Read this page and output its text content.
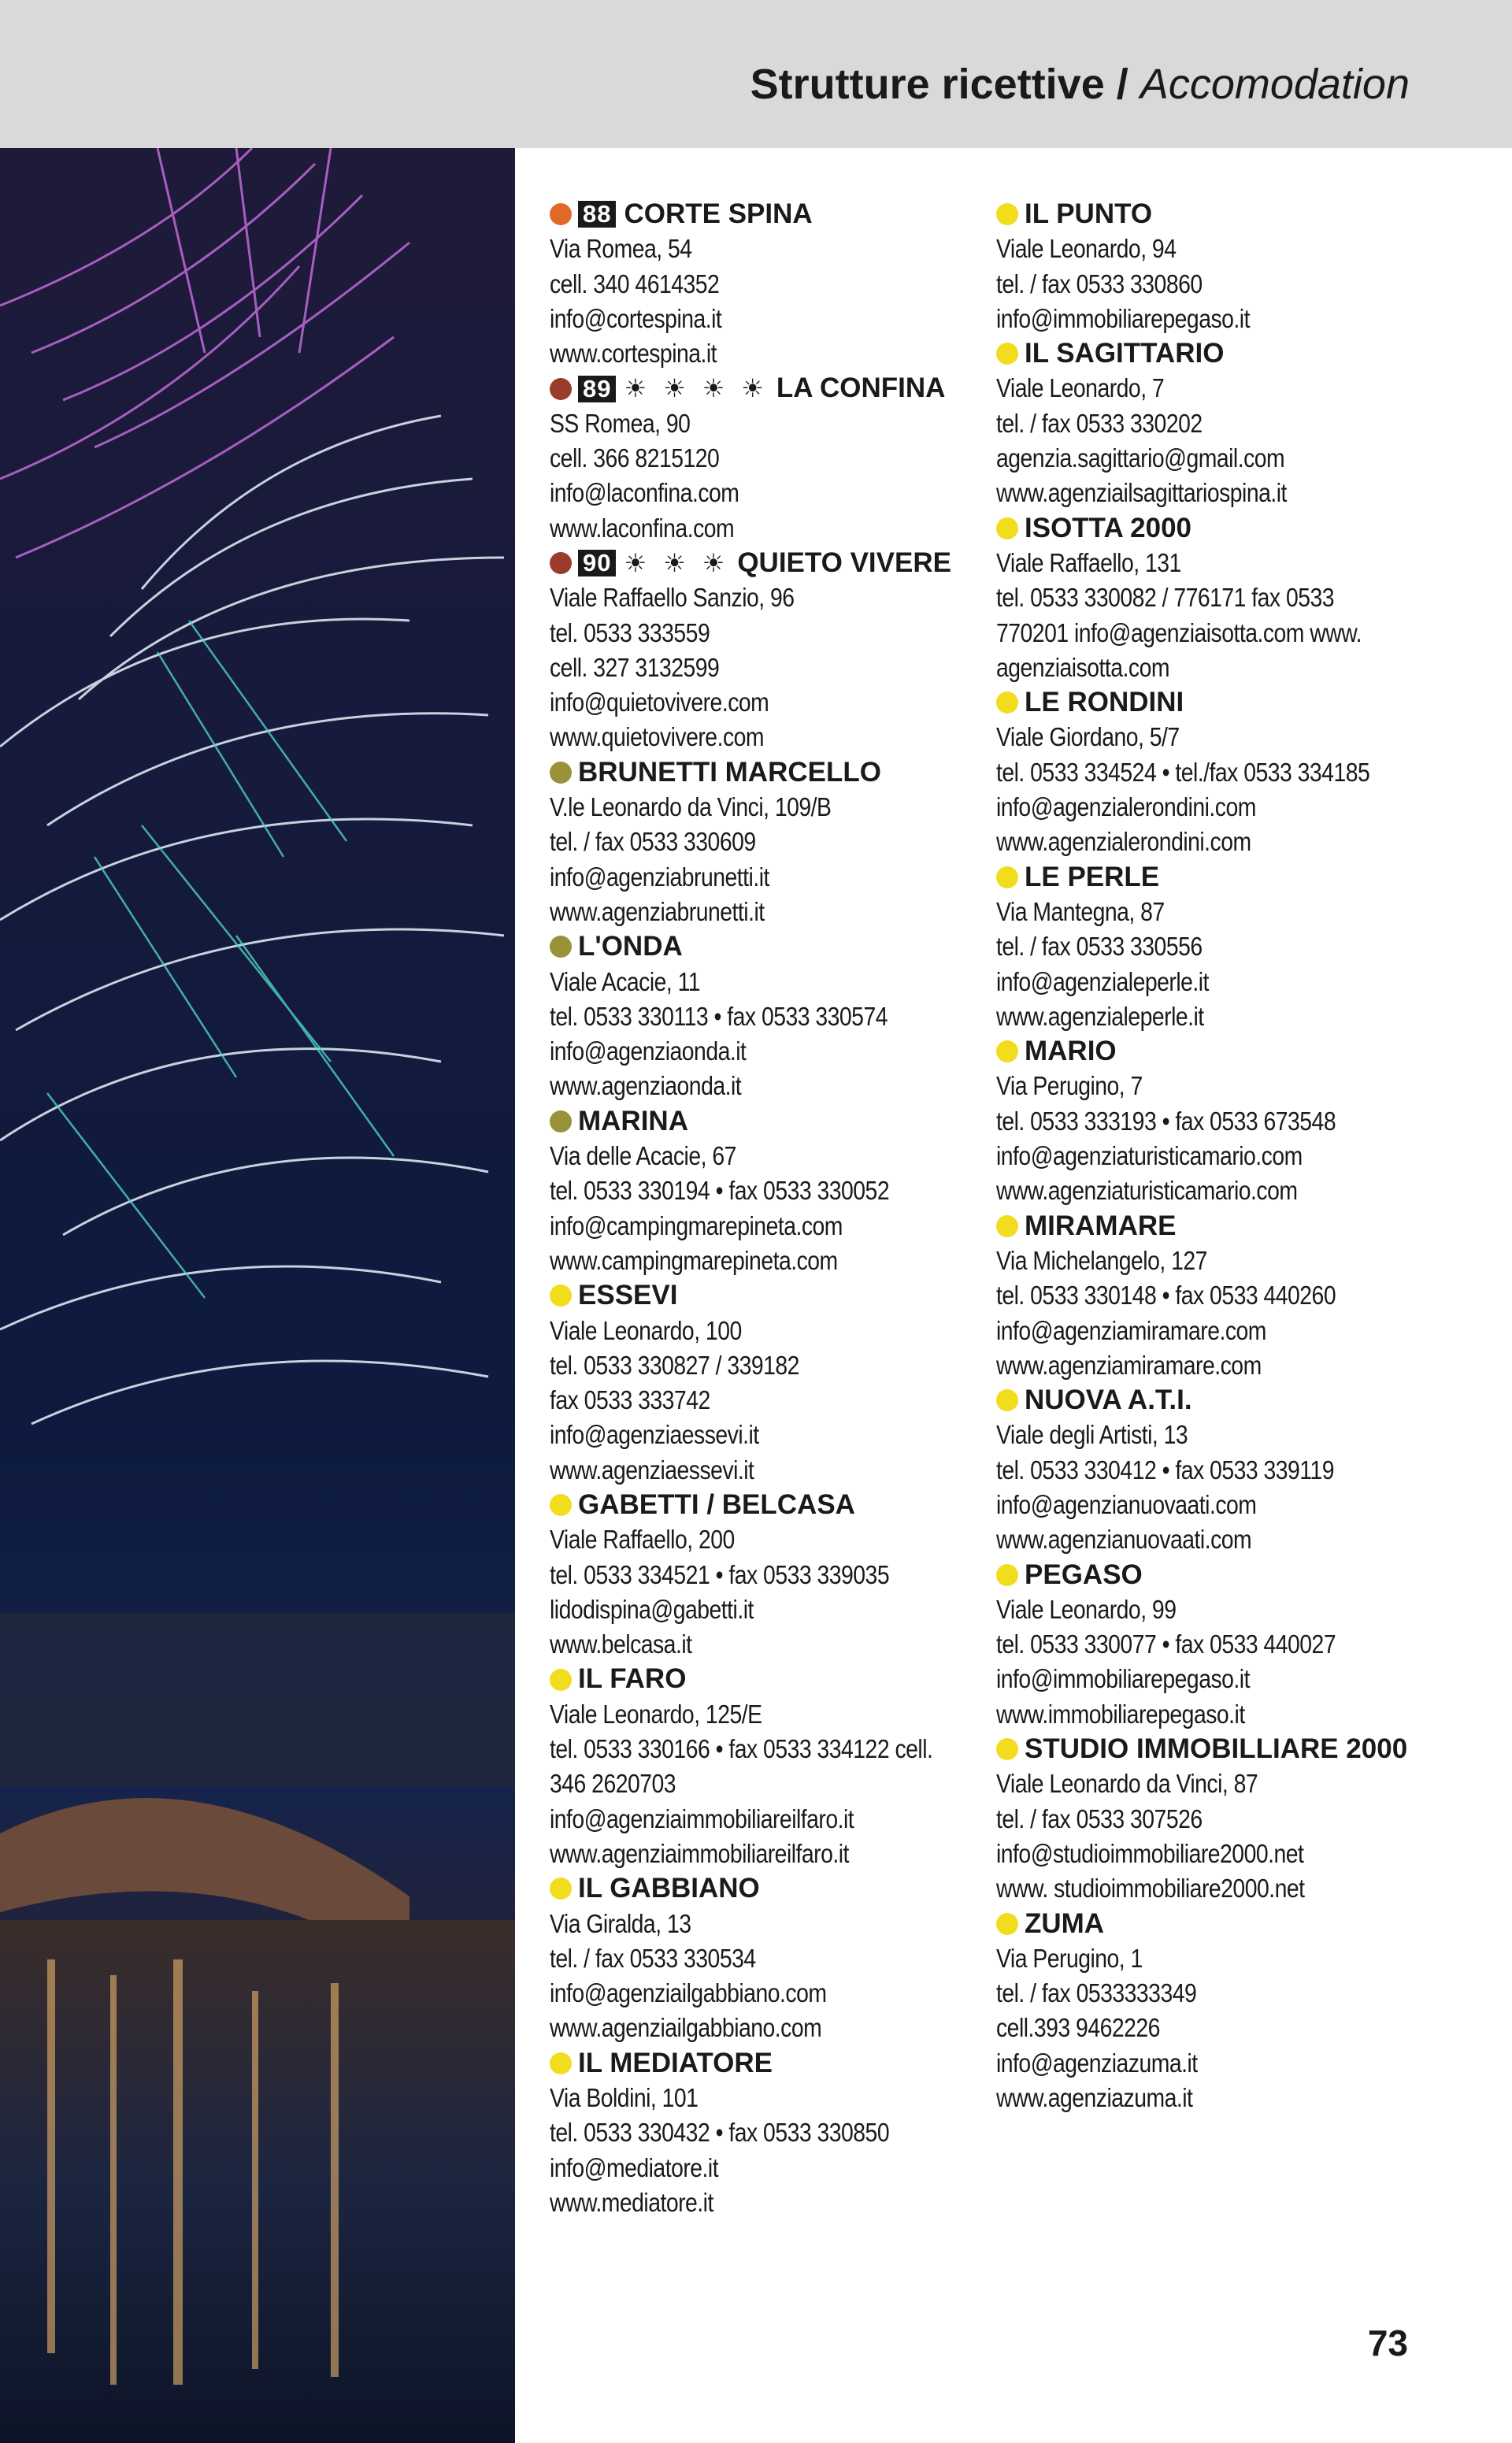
Strutture ricettive / Accomodation
88 CORTE SPINA
Via Romea, 54
cell. 340 4614352
info@cortespina.it
www.cortespina.it
89 ☀ ☀ ☀ ☀ LA CONFINA
SS Romea, 90
cell. 366 8215120
info@laconfina.com
www.laconfina.com
90 ☀ ☀ ☀ QUIETO VIVERE
Viale Raffaello Sanzio, 96
tel. 0533 333559
cell. 327 3132599
info@quietovivere.com
www.quietovivere.com
BRUNETTI MARCELLO
V.le Leonardo da Vinci, 109/B
tel. / fax 0533 330609
info@agenziabrunetti.it
www.agenziabrunetti.it
L'ONDA
Viale Acacie, 11
tel. 0533 330113 • fax 0533 330574
info@agenziaonda.it
www.agenziaonda.it
MARINA
Via delle Acacie, 67
tel. 0533 330194 • fax 0533 330052
info@campingmarepineta.com
www.campingmarepineta.com
ESSEVI
Viale Leonardo, 100
tel. 0533 330827 / 339182
fax 0533 333742
info@agenziaessevi.it
www.agenziaessevi.it
GABETTI / BELCASA
Viale Raffaello, 200
tel. 0533 334521 • fax 0533 339035
lidodispina@gabetti.it
www.belcasa.it
IL FARO
Viale Leonardo, 125/E
tel. 0533 330166 • fax 0533 334122 cell.
346 2620703
info@agenziaimmobiliareilfaro.it
www.agenziaimmobiliareilfaro.it
IL GABBIANO
Via Giralda, 13
tel. / fax 0533 330534
info@agenziailgabbiano.com
www.agenziailgabbiano.com
IL MEDIATORE
Via Boldini, 101
tel. 0533 330432 • fax 0533 330850
info@mediatore.it
www.mediatore.it
IL PUNTO
Viale Leonardo, 94
tel. / fax 0533 330860
info@immobiliarepegaso.it
IL SAGITTARIO
Viale Leonardo, 7
tel. / fax 0533 330202
agenzia.sagittario@gmail.com
www.agenziailsagittariospina.it
ISOTTA 2000
Viale Raffaello, 131
tel. 0533 330082 / 776171 fax 0533
770201 info@agenziaisotta.com www.
agenziaisotta.com
LE RONDINI
Viale Giordano, 5/7
tel. 0533 334524 • tel./fax 0533 334185
info@agenzialerondini.com
www.agenzialerondini.com
LE PERLE
Via Mantegna, 87
tel. / fax 0533 330556
info@agenzialeperle.it
www.agenzialeperle.it
MARIO
Via Perugino, 7
tel. 0533 333193 • fax 0533 673548
info@agenziaturisticamario.com
www.agenziaturisticamario.com
MIRAMARE
Via Michelangelo, 127
tel. 0533 330148 • fax 0533 440260
info@agenziamiramare.com
www.agenziamiramare.com
NUOVA A.T.I.
Viale degli Artisti, 13
tel. 0533 330412 • fax 0533 339119
info@agenzianuovaati.com
www.agenzianuovaati.com
PEGASO
Viale Leonardo, 99
tel. 0533 330077 • fax 0533 440027
info@immobiliarepegaso.it
www.immobiliarepegaso.it
STUDIO IMMOBILLIARE 2000
Viale Leonardo da Vinci, 87
tel. / fax 0533 307526
info@studioimmobiliare2000.net
www. studioimmobiliare2000.net
ZUMA
Via Perugino, 1
tel. / fax 0533333349
cell.393 9462226
info@agenziazuma.it
www.agenziazuma.it
73
